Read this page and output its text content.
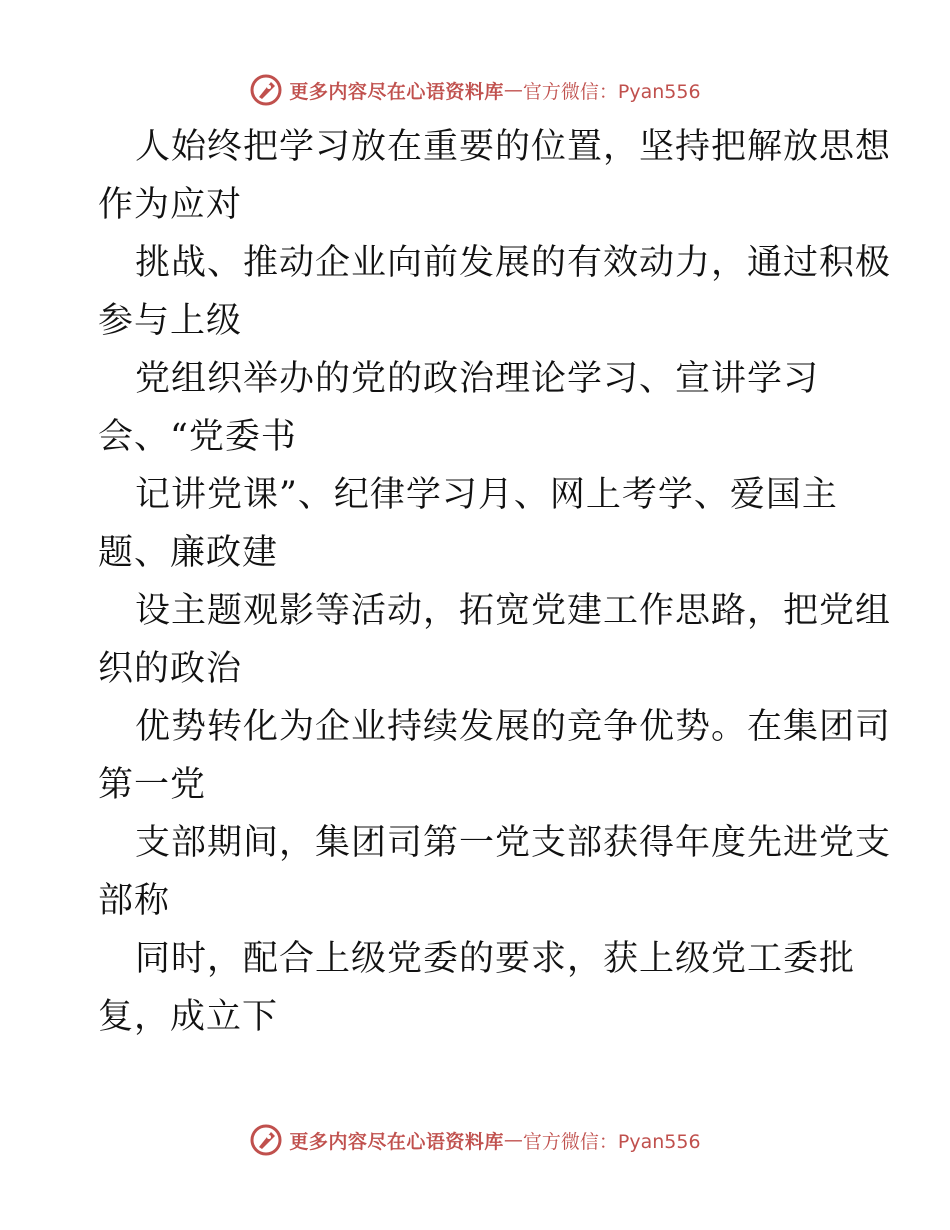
更多内容尽在心语资料库 — 官方微信：Pyan556
人始终把学习放在重要的位置，坚持把解放思想
作为应对
挑战、推动企业向前发展的有效动力，通过积极
参与上级
党组织举办的党的政治理论学习、宣讲学习
会、“党委书
记讲党课”、纪律学习月、网上考学、爱国主
题、廉政建
设主题观影等活动，拓宽党建工作思路，把党组
织的政治
优势转化为企业持续发展的竞争优势。在集团司
第一党
支部期间，集团司第一党支部获得年度先进党支
部称
同时，配合上级党委的要求，获上级党工委批
复，成立下
更多内容尽在心语资料库 — 官方微信：Pyan556
